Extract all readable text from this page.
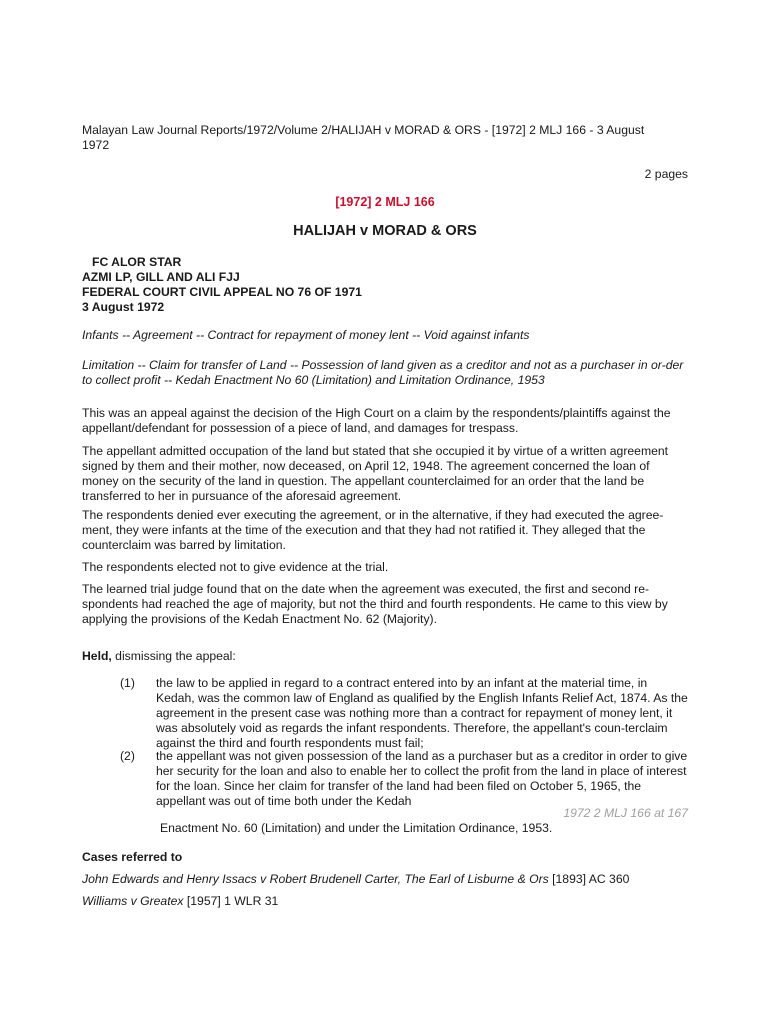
Malayan Law Journal Reports/1972/Volume 2/HALIJAH v MORAD & ORS - [1972] 2 MLJ 166 - 3 August 1972
2 pages
[1972] 2 MLJ 166
HALIJAH v MORAD & ORS
FC ALOR STAR
AZMI LP, GILL AND ALI FJJ
FEDERAL COURT CIVIL APPEAL NO 76 OF 1971
3 August 1972
Infants -- Agreement -- Contract for repayment of money lent -- Void against infants
Limitation -- Claim for transfer of Land -- Possession of land given as a creditor and not as a purchaser in or-der to collect profit -- Kedah Enactment No 60 (Limitation) and Limitation Ordinance, 1953
This was an appeal against the decision of the High Court on a claim by the respondents/plaintiffs against the appellant/defendant for possession of a piece of land, and damages for trespass.
The appellant admitted occupation of the land but stated that she occupied it by virtue of a written agreement signed by them and their mother, now deceased, on April 12, 1948. The agreement concerned the loan of money on the security of the land in question. The appellant counterclaimed for an order that the land be transferred to her in pursuance of the aforesaid agreement.
The respondents denied ever executing the agreement, or in the alternative, if they had executed the agree-ment, they were infants at the time of the execution and that they had not ratified it. They alleged that the counterclaim was barred by limitation.
The respondents elected not to give evidence at the trial.
The learned trial judge found that on the date when the agreement was executed, the first and second re-spondents had reached the age of majority, but not the third and fourth respondents. He came to this view by applying the provisions of the Kedah Enactment No. 62 (Majority).
Held, dismissing the appeal:
(1) the law to be applied in regard to a contract entered into by an infant at the material time, in Kedah, was the common law of England as qualified by the English Infants Relief Act, 1874. As the agreement in the present case was nothing more than a contract for repayment of money lent, it was absolutely void as regards the infant respondents. Therefore, the appellant's coun-terclaim against the third and fourth respondents must fail;
(2) the appellant was not given possession of the land as a purchaser but as a creditor in order to give her security for the loan and also to enable her to collect the profit from the land in place of interest for the loan. Since her claim for transfer of the land had been filed on October 5, 1965, the appellant was out of time both under the Kedah
1972 2 MLJ 166 at 167
Enactment No. 60 (Limitation) and under the Limitation Ordinance, 1953.
Cases referred to
John Edwards and Henry Issacs v Robert Brudenell Carter, The Earl of Lisburne & Ors [1893] AC 360
Williams v Greatex [1957] 1 WLR 31
